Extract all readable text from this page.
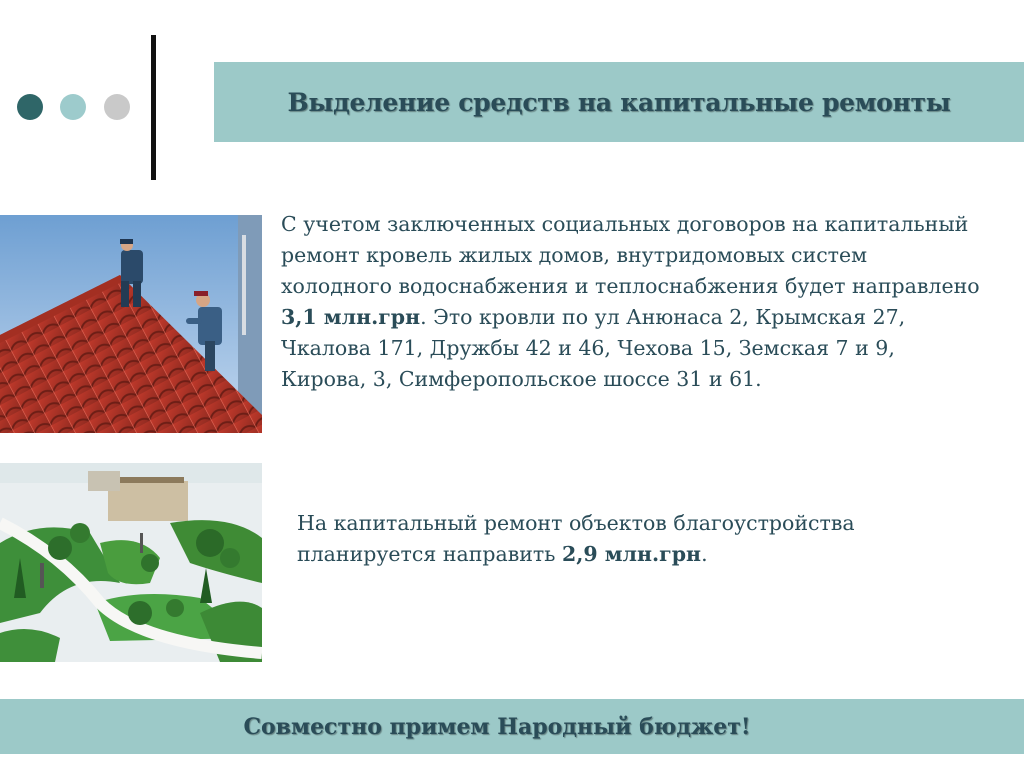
Выделение средств на капитальные ремонты
С учетом заключенных социальных договоров на капитальный ремонт кровель жилых домов, внутридомовых систем холодного водоснабжения и теплоснабжения будет направлено 3,1 млн.грн. Это кровли по ул Анюнаса 2, Крымская 27, Чкалова 171, Дружбы 42 и 46, Чехова 15, Земская 7 и 9, Кирова, 3, Симферопольское шоссе 31 и 61.
На капитальный ремонт объектов благоустройства планируется направить 2,9 млн.грн.
Совместно примем Народный бюджет!
